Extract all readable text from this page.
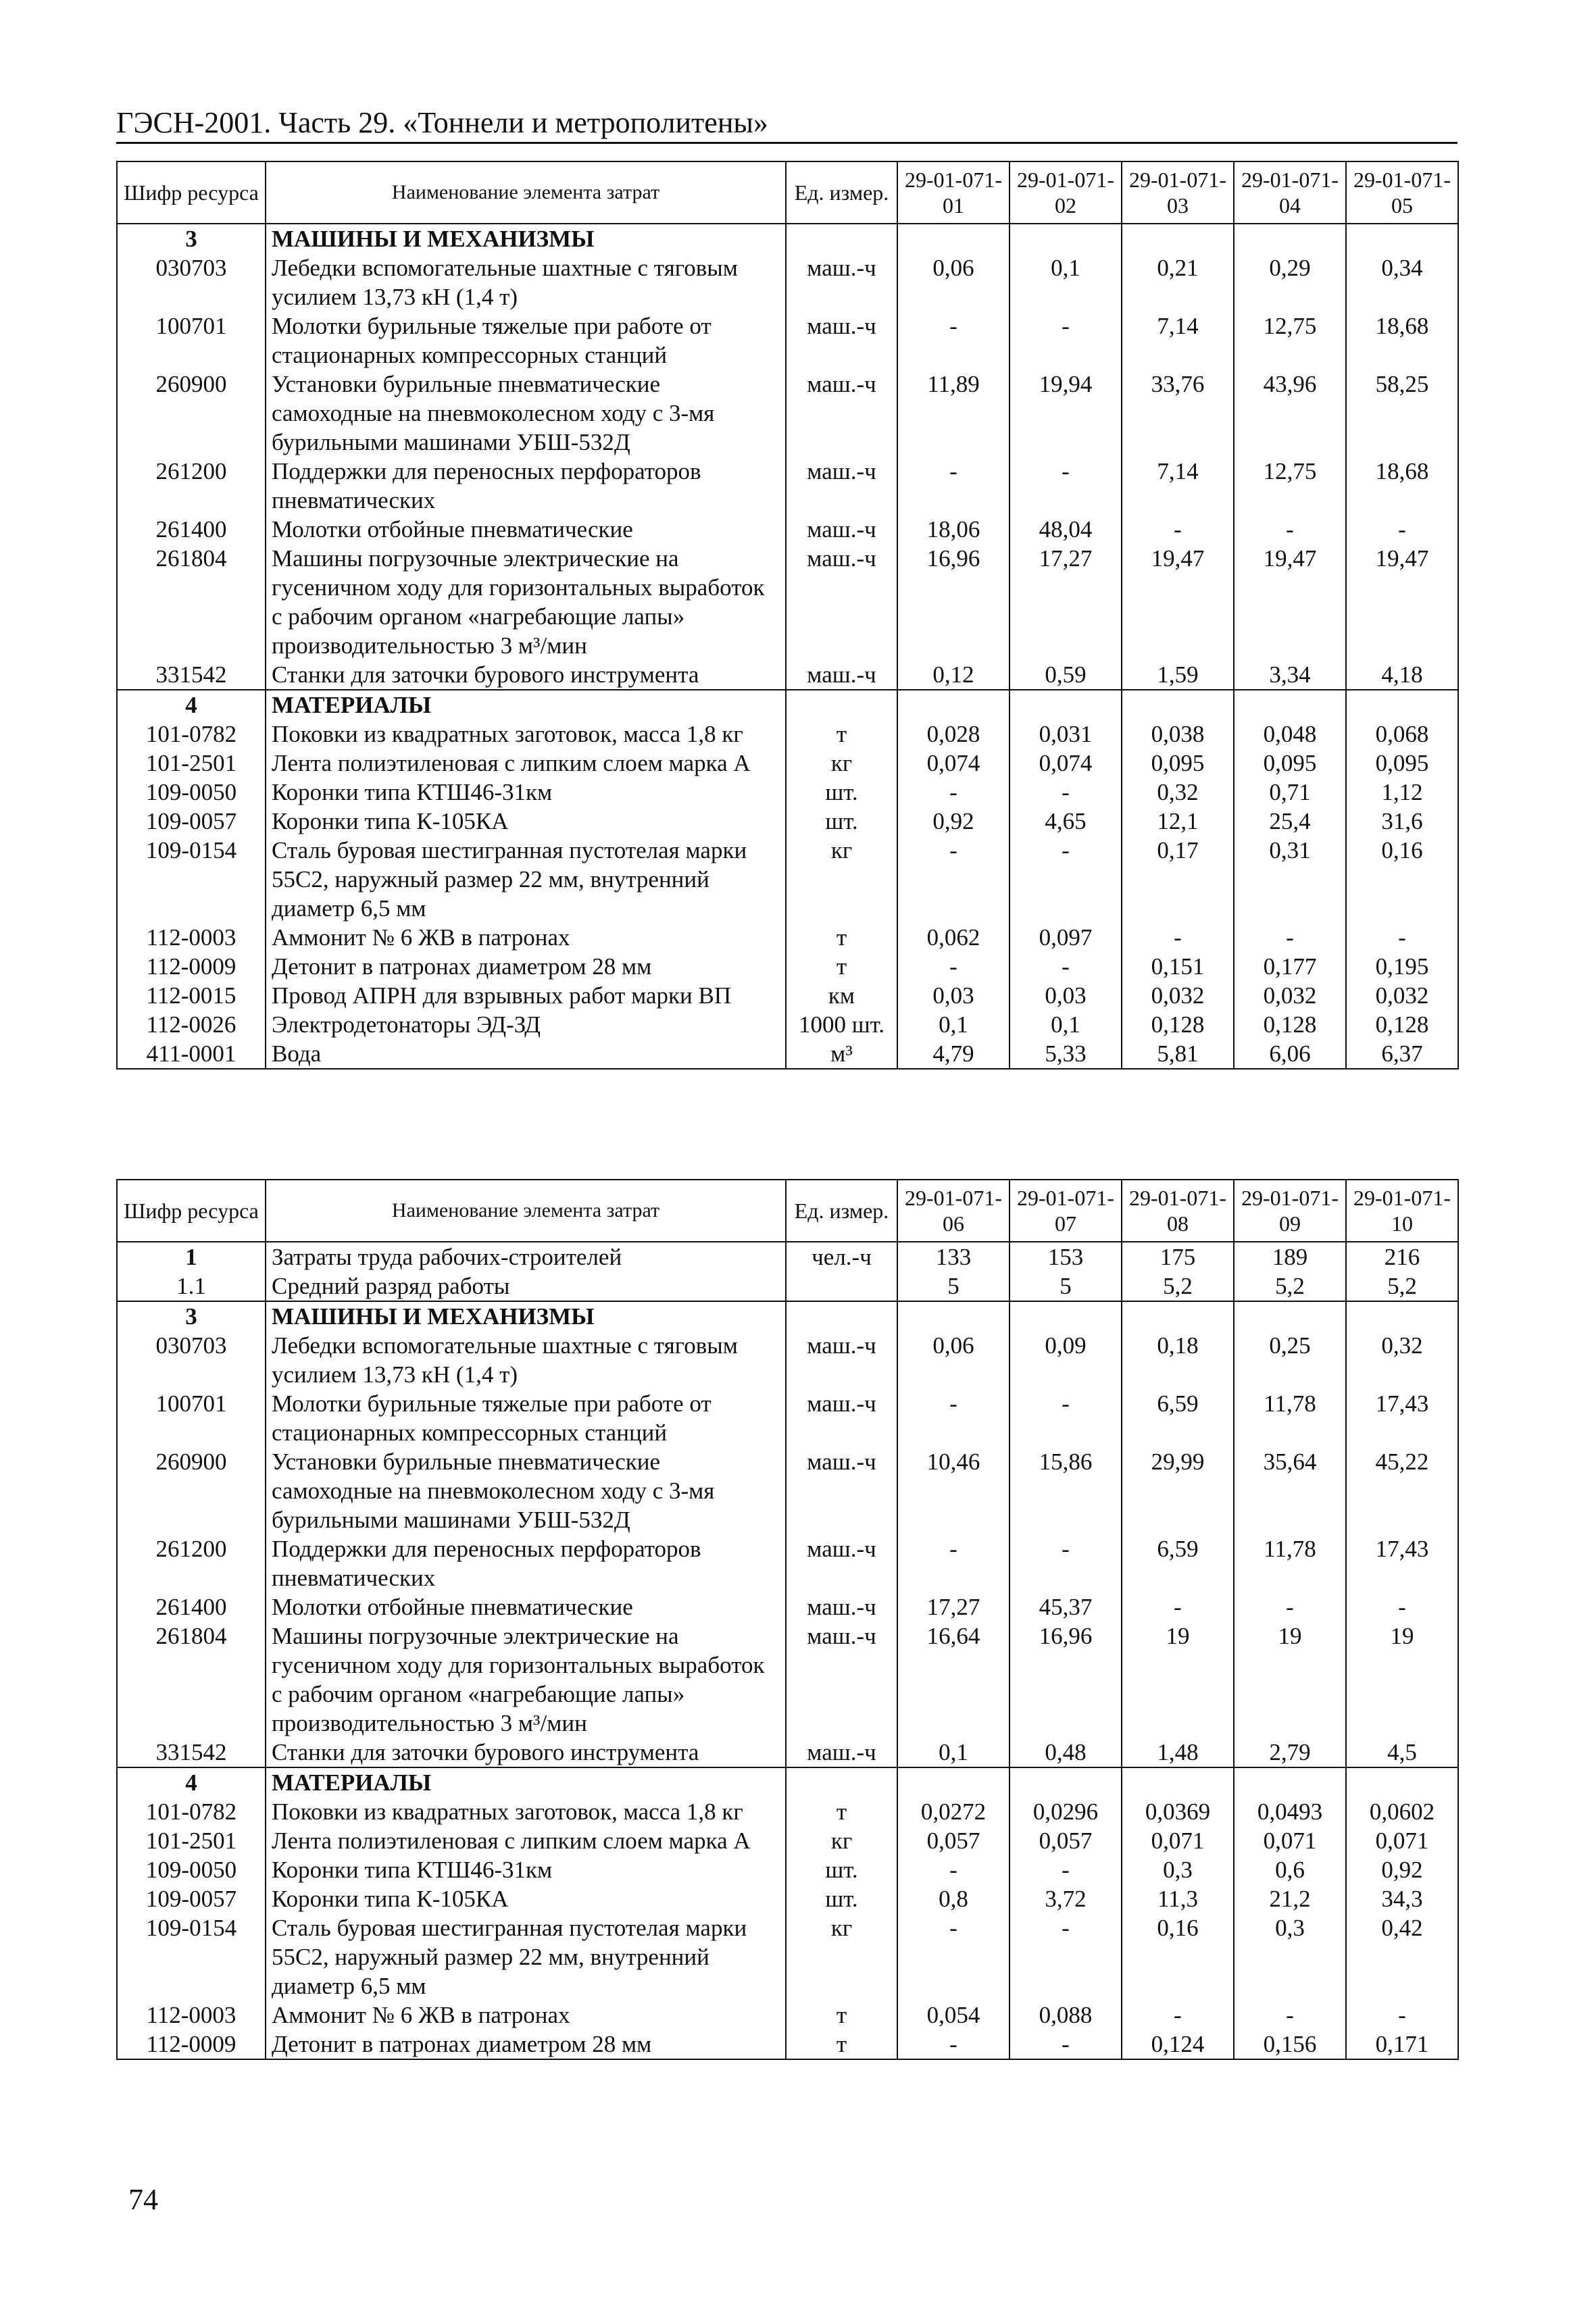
ГЭСН-2001. Часть 29. «Тоннели и метрополитены»
Шифр ресурса	Наименование элемента затрат	Ед. измер.	29-01-071-01	29-01-071-02	29-01-071-03	29-01-071-04	29-01-071-05
3	МАШИНЫ И МЕХАНИЗМЫ						
030703	Лебедки вспомогательные шахтные с тяговым усилием 13,73 кН (1,4 т)	маш.-ч	0,06	0,1	0,21	0,29	0,34
100701	Молотки бурильные тяжелые при работе от стационарных компрессорных станций	маш.-ч	-	-	7,14	12,75	18,68
260900	Установки бурильные пневматические самоходные на пневмоколесном ходу с 3-мя бурильными машинами УБШ-532Д	маш.-ч	11,89	19,94	33,76	43,96	58,25
261200	Поддержки для переносных перфораторов пневматических	маш.-ч	-	-	7,14	12,75	18,68
261400	Молотки отбойные пневматические	маш.-ч	18,06	48,04	-	-	-
261804	Машины погрузочные электрические на гусеничном ходу для горизонтальных выработок с рабочим органом «нагребающие лапы» производительностью 3 м³/мин	маш.-ч	16,96	17,27	19,47	19,47	19,47
331542	Станки для заточки бурового инструмента	маш.-ч	0,12	0,59	1,59	3,34	4,18
4	МАТЕРИАЛЫ						
101-0782	Поковки из квадратных заготовок, масса 1,8 кг	т	0,028	0,031	0,038	0,048	0,068
101-2501	Лента полиэтиленовая с липким слоем марка А	кг	0,074	0,074	0,095	0,095	0,095
109-0050	Коронки типа КТШ46-31км	шт.	-	-	0,32	0,71	1,12
109-0057	Коронки типа К-105КА	шт.	0,92	4,65	12,1	25,4	31,6
109-0154	Сталь буровая шестигранная пустотелая марки 55С2, наружный размер 22 мм, внутренний диаметр 6,5 мм	кг	-	-	0,17	0,31	0,16
112-0003	Аммонит № 6 ЖВ в патронах	т	0,062	0,097	-	-	-
112-0009	Детонит в патронах диаметром 28 мм	т	-	-	0,151	0,177	0,195
112-0015	Провод АПРН для взрывных работ марки ВП	км	0,03	0,03	0,032	0,032	0,032
112-0026	Электродетонаторы ЭД-ЗД	1000 шт.	0,1	0,1	0,128	0,128	0,128
411-0001	Вода	м³	4,79	5,33	5,81	6,06	6,37
Шифр ресурса	Наименование элемента затрат	Ед. измер.	29-01-071-06	29-01-071-07	29-01-071-08	29-01-071-09	29-01-071-10
1	Затраты труда рабочих-строителей	чел.-ч	133	153	175	189	216
1.1	Средний разряд работы		5	5	5,2	5,2	5,2
3	МАШИНЫ И МЕХАНИЗМЫ						
030703	Лебедки вспомогательные шахтные с тяговым усилием 13,73 кН (1,4 т)	маш.-ч	0,06	0,09	0,18	0,25	0,32
100701	Молотки бурильные тяжелые при работе от стационарных компрессорных станций	маш.-ч	-	-	6,59	11,78	17,43
260900	Установки бурильные пневматические самоходные на пневмоколесном ходу с 3-мя бурильными машинами УБШ-532Д	маш.-ч	10,46	15,86	29,99	35,64	45,22
261200	Поддержки для переносных перфораторов пневматических	маш.-ч	-	-	6,59	11,78	17,43
261400	Молотки отбойные пневматические	маш.-ч	17,27	45,37	-	-	-
261804	Машины погрузочные электрические на гусеничном ходу для горизонтальных выработок с рабочим органом «нагребающие лапы» производительностью 3 м³/мин	маш.-ч	16,64	16,96	19	19	19
331542	Станки для заточки бурового инструмента	маш.-ч	0,1	0,48	1,48	2,79	4,5
4	МАТЕРИАЛЫ						
101-0782	Поковки из квадратных заготовок, масса 1,8 кг	т	0,0272	0,0296	0,0369	0,0493	0,0602
101-2501	Лента полиэтиленовая с липким слоем марка А	кг	0,057	0,057	0,071	0,071	0,071
109-0050	Коронки типа КТШ46-31км	шт.	-	-	0,3	0,6	0,92
109-0057	Коронки типа К-105КА	шт.	0,8	3,72	11,3	21,2	34,3
109-0154	Сталь буровая шестигранная пустотелая марки 55С2, наружный размер 22 мм, внутренний диаметр 6,5 мм	кг	-	-	0,16	0,3	0,42
112-0003	Аммонит № 6 ЖВ в патронах	т	0,054	0,088	-	-	-
112-0009	Детонит в патронах диаметром 28 мм	т	-	-	0,124	0,156	0,171
74
